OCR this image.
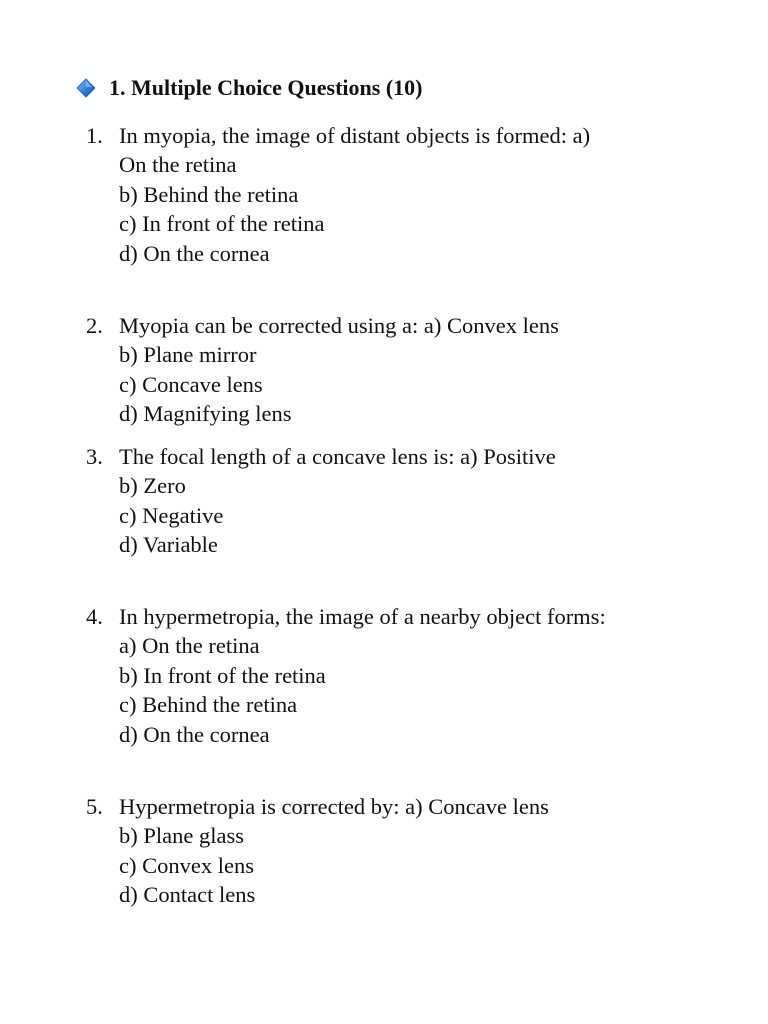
1. Multiple Choice Questions (10)
1. In myopia, the image of distant objects is formed: a)
On the retina
b) Behind the retina
c) In front of the retina
d) On the cornea
2. Myopia can be corrected using a: a) Convex lens
b) Plane mirror
c) Concave lens
d) Magnifying lens
3. The focal length of a concave lens is: a) Positive
b) Zero
c) Negative
d) Variable
4. In hypermetropia, the image of a nearby object forms:
a) On the retina
b) In front of the retina
c) Behind the retina
d) On the cornea
5. Hypermetropia is corrected by: a) Concave lens
b) Plane glass
c) Convex lens
d) Contact lens
